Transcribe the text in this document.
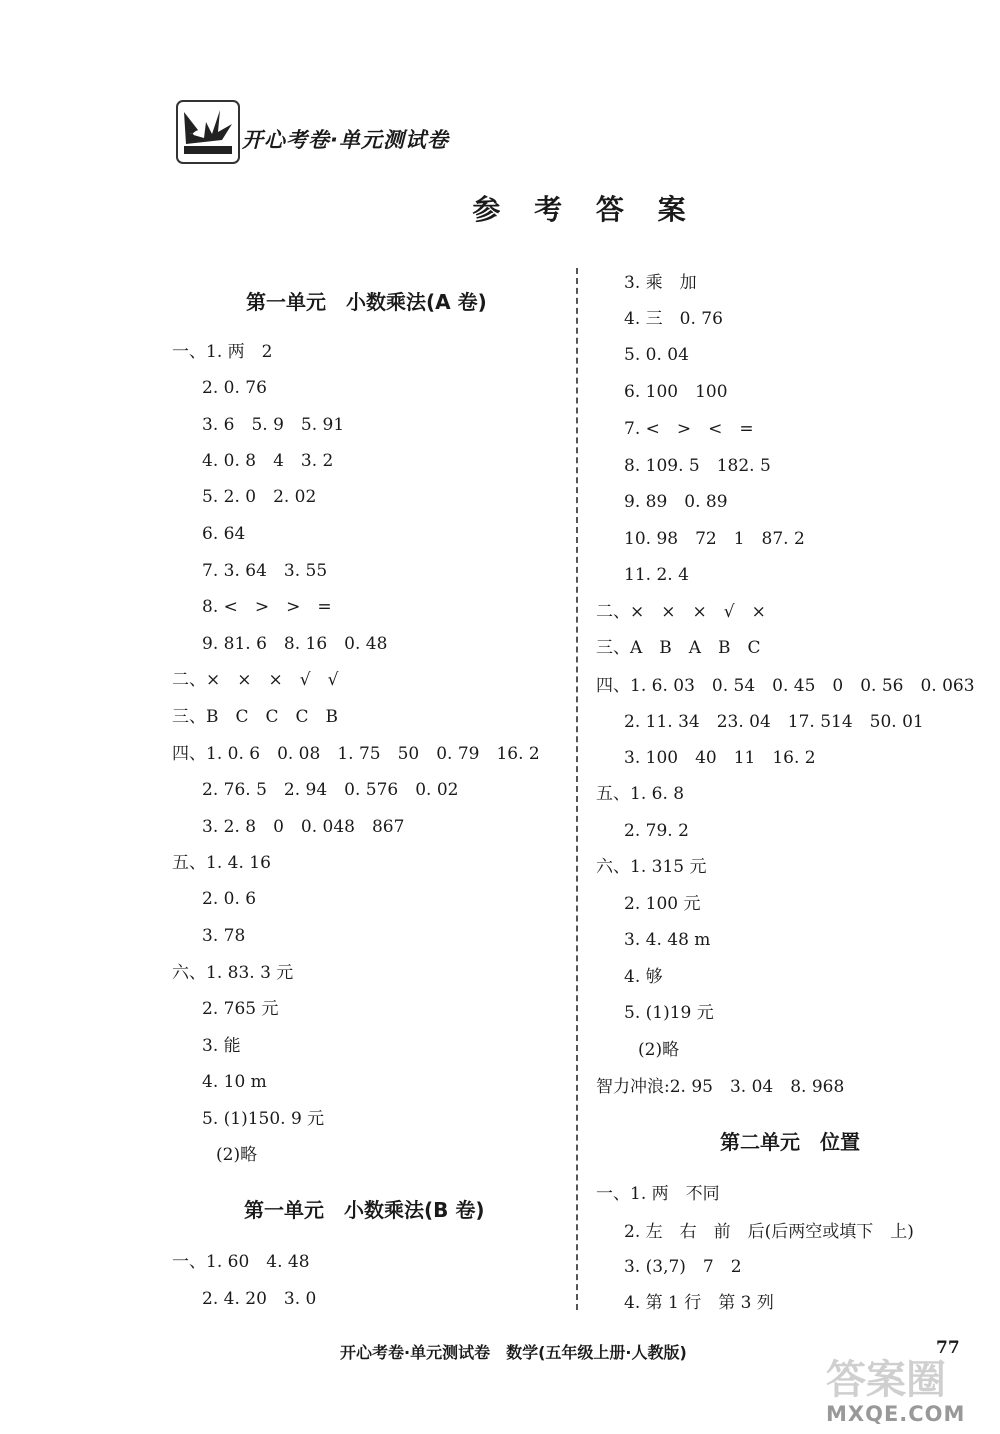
K 开心考卷·单元测试卷
参 考 答 案
第一单元　小数乘法(A 卷)
一、1. 两　2
2. 0. 76
3. 6　5. 9　5. 91
4. 0. 8　4　3. 2
5. 2. 0　2. 02
6. 64
7. 3. 64　3. 55
8. <　>　>　=
9. 81. 6　8. 16　0. 48
二、×　×　×　√　√
三、B　C　C　C　B
四、1. 0. 6　0. 08　1. 75　50　0. 79　16. 2
2. 76. 5　2. 94　0. 576　0. 02
3. 2. 8　0　0. 048　867
五、1. 4. 16
2. 0. 6
3. 78
六、1. 83. 3 元
2. 765 元
3. 能
4. 10 m
5. (1)150. 9 元
(2)略
第一单元　小数乘法(B 卷)
一、1. 60　4. 48
2. 4. 20　3. 0
3. 乘　加
4. 三　0. 76
5. 0. 04
6. 100　100
7. <　>　<　=
8. 109. 5　182. 5
9. 89　0. 89
10. 98　72　1　87. 2
11. 2. 4
二、×　×　×　√　×
三、A　B　A　B　C
四、1. 6. 03　0. 54　0. 45　0　0. 56　0. 063
2. 11. 34　23. 04　17. 514　50. 01
3. 100　40　11　16. 2
五、1. 6. 8
2. 79. 2
六、1. 315 元
2. 100 元
3. 4. 48 m
4. 够
5. (1)19 元
(2)略
智力冲浪:2. 95　3. 04　8. 968
第二单元　位置
一、1. 两　不同
2. 左　右　前　后(后两空或填下　上)
3. (3,7)　7　2
4. 第 1 行　第 3 列
开心考卷·单元测试卷　数学(五年级上册·人教版)	77
答案圈
MXQE.COM
